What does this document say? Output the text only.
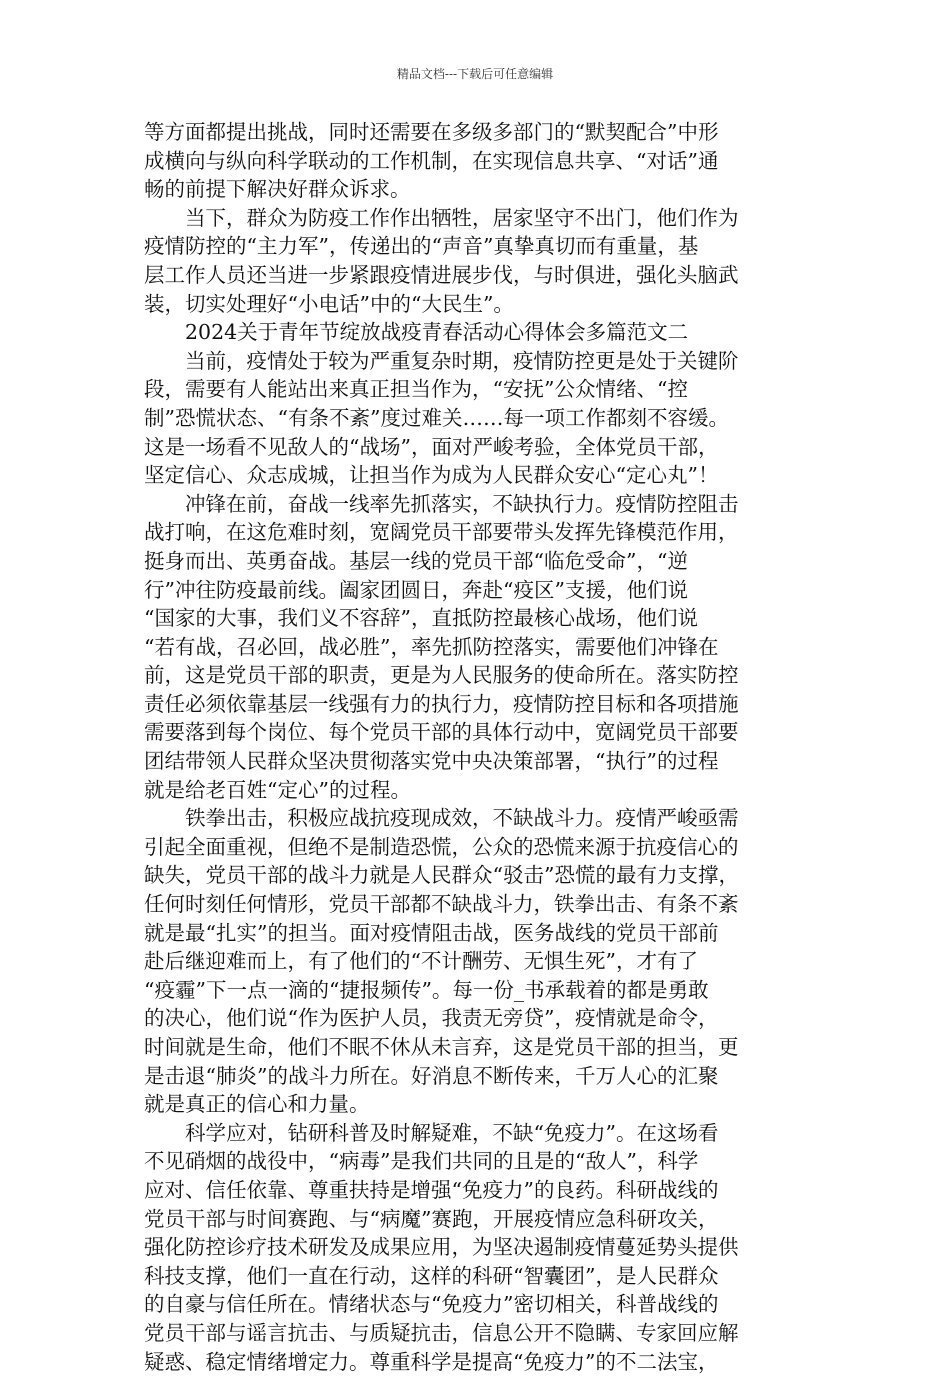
精品文档---下载后可任意编辑
等方面都提出挑战，同时还需要在多级多部门的“默契配合”中形
成横向与纵向科学联动的工作机制，在实现信息共享、“对话”通
畅的前提下解决好群众诉求。
　　当下，群众为防疫工作作出牺牲，居家坚守不出门，他们作为
疫情防控的“主力军”，传递出的“声音”真挚真切而有重量，基
层工作人员还当进一步紧跟疫情进展步伐，与时俱进，强化头脑武
装，切实处理好“小电话”中的“大民生”。
　　2024关于青年节绽放战疫青春活动心得体会多篇范文二
　　当前，疫情处于较为严重复杂时期，疫情防控更是处于关键阶
段，需要有人能站出来真正担当作为，“安抚”公众情绪、“控
制”恐慌状态、“有条不紊”度过难关……每一项工作都刻不容缓。
这是一场看不见敌人的“战场”，面对严峻考验，全体党员干部，
坚定信心、众志成城，让担当作为成为人民群众安心“定心丸”！
　　冲锋在前，奋战一线率先抓落实，不缺执行力。疫情防控阻击
战打响，在这危难时刻，宽阔党员干部要带头发挥先锋模范作用，
挺身而出、英勇奋战。基层一线的党员干部“临危受命”，“逆
行”冲往防疫最前线。阖家团圆日，奔赴“疫区”支援，他们说
“国家的大事，我们义不容辞”，直抵防控最核心战场，他们说
“若有战，召必回，战必胜”，率先抓防控落实，需要他们冲锋在
前，这是党员干部的职责，更是为人民服务的使命所在。落实防控
责任必须依靠基层一线强有力的执行力，疫情防控目标和各项措施
需要落到每个岗位、每个党员干部的具体行动中，宽阔党员干部要
团结带领人民群众坚决贯彻落实党中央决策部署，“执行”的过程
就是给老百姓“定心”的过程。
　　铁拳出击，积极应战抗疫现成效，不缺战斗力。疫情严峻亟需
引起全面重视，但绝不是制造恐慌，公众的恐慌来源于抗疫信心的
缺失，党员干部的战斗力就是人民群众“驳击”恐慌的最有力支撑，
任何时刻任何情形，党员干部都不缺战斗力，铁拳出击、有条不紊
就是最“扎实”的担当。面对疫情阻击战，医务战线的党员干部前
赴后继迎难而上，有了他们的“不计酬劳、无惧生死”，才有了
“疫霾”下一点一滴的“捷报频传”。每一份_书承载着的都是勇敢
的决心，他们说“作为医护人员，我责无旁贷”，疫情就是命令，
时间就是生命，他们不眠不休从未言弃，这是党员干部的担当，更
是击退“肺炎”的战斗力所在。好消息不断传来，千万人心的汇聚
就是真正的信心和力量。
　　科学应对，钻研科普及时解疑难，不缺“免疫力”。在这场看
不见硝烟的战役中，“病毒”是我们共同的且是的“敌人”，科学
应对、信任依靠、尊重扶持是增强“免疫力”的良药。科研战线的
党员干部与时间赛跑、与“病魔”赛跑，开展疫情应急科研攻关，
强化防控诊疗技术研发及成果应用，为坚决遏制疫情蔓延势头提供
科技支撑，他们一直在行动，这样的科研“智囊团”，是人民群众
的自豪与信任所在。情绪状态与“免疫力”密切相关，科普战线的
党员干部与谣言抗击、与质疑抗击，信息公开不隐瞒、专家回应解
疑惑、稳定情绪增定力。尊重科学是提高“免疫力”的不二法宝，
